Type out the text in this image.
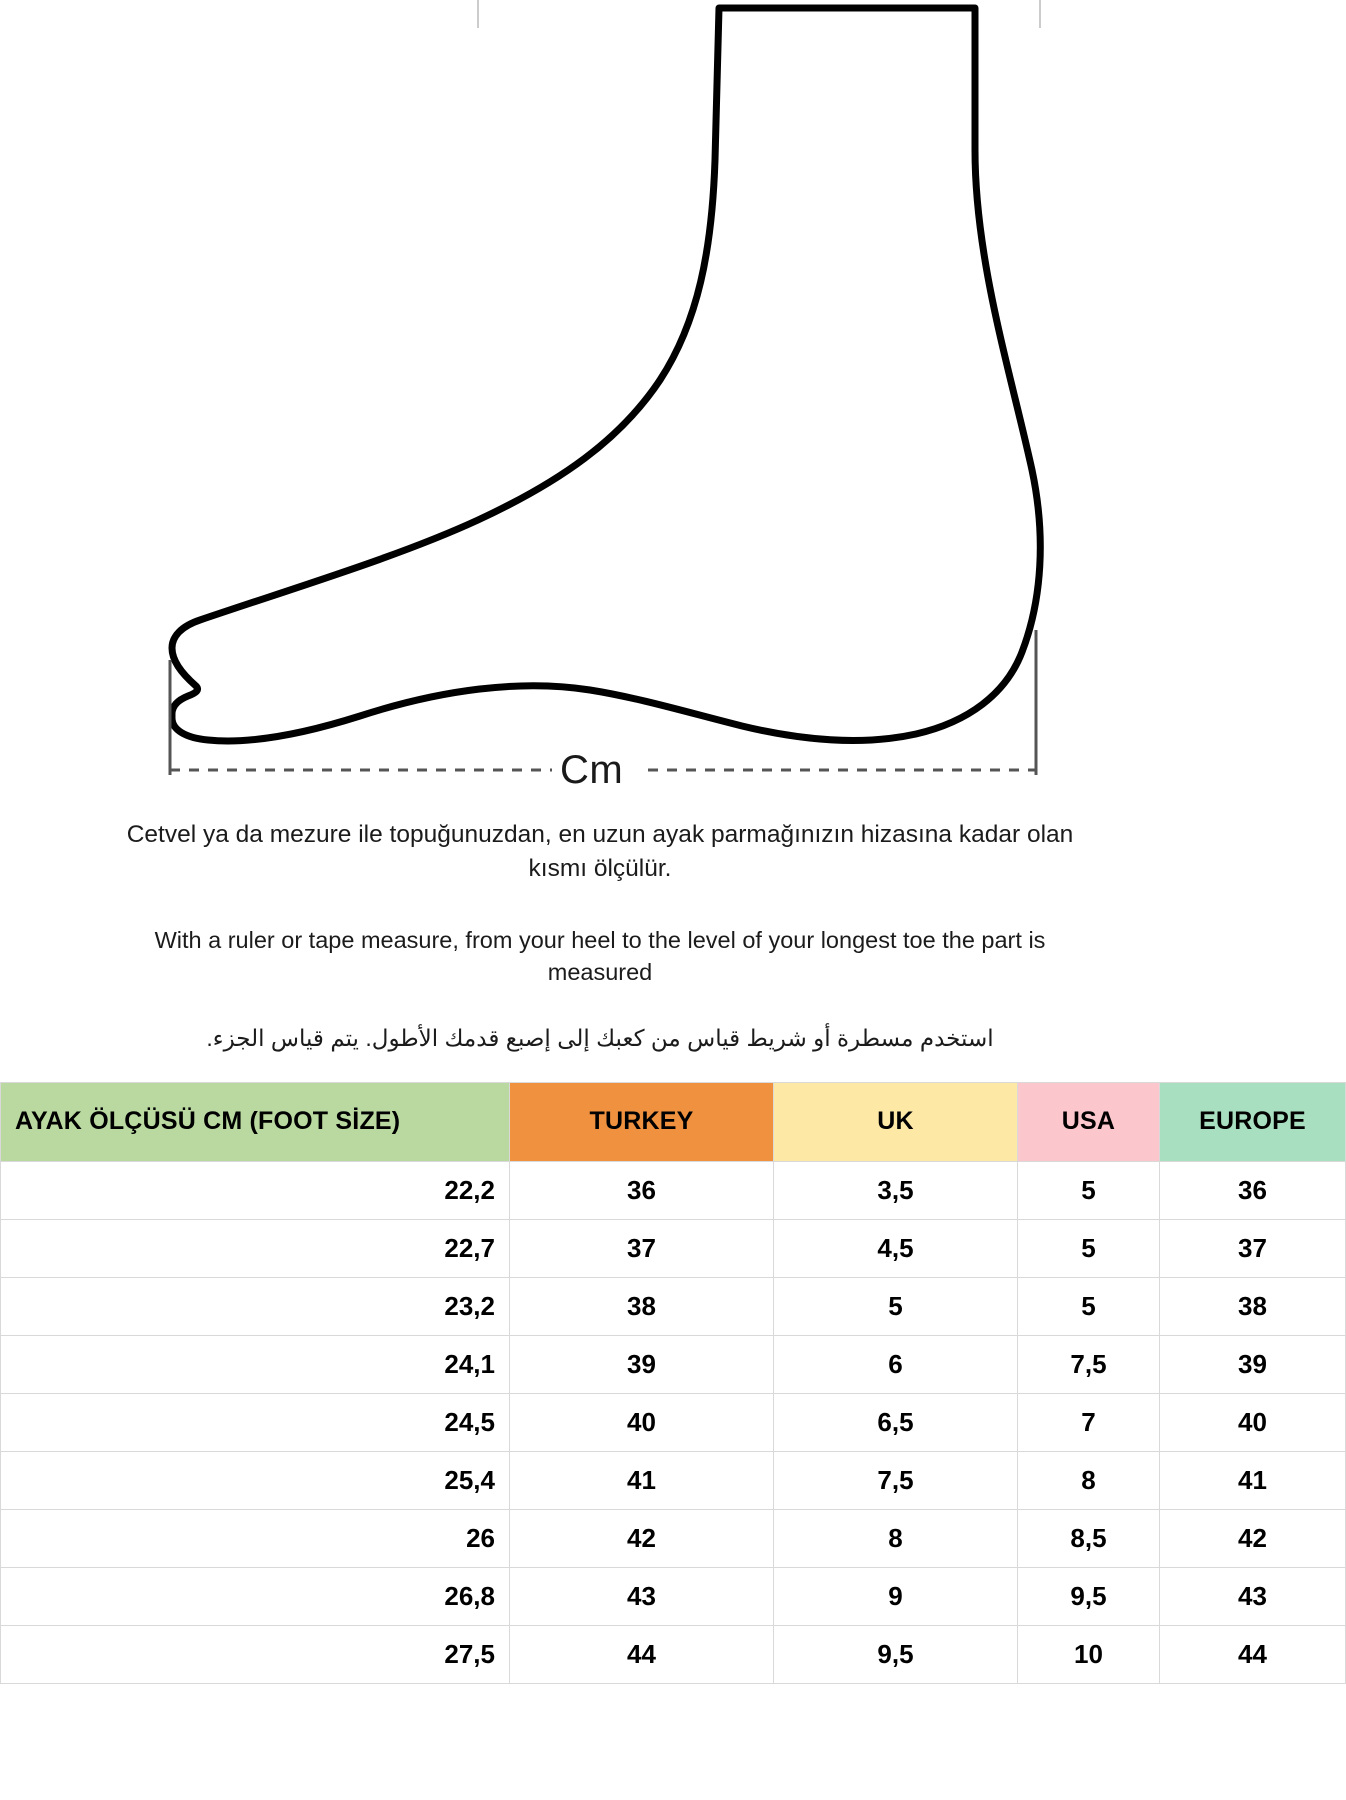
Cm
Cetvel ya da mezure ile topuğunuzdan, en uzun ayak parmağınızın hizasına kadar olan kısmı ölçülür.
With a ruler or tape measure, from your heel to the level of your longest toe the part is measured
استخدم مسطرة أو شريط قياس من كعبك إلى إصبع قدمك الأطول. يتم قياس الجزء.
AYAK ÖLÇÜSÜ CM (FOOT SİZE)	TURKEY	UK	USA	EUROPE
22,2	36	3,5	5	36
22,7	37	4,5	5	37
23,2	38	5	5	38
24,1	39	6	7,5	39
24,5	40	6,5	7	40
25,4	41	7,5	8	41
26	42	8	8,5	42
26,8	43	9	9,5	43
27,5	44	9,5	10	44
